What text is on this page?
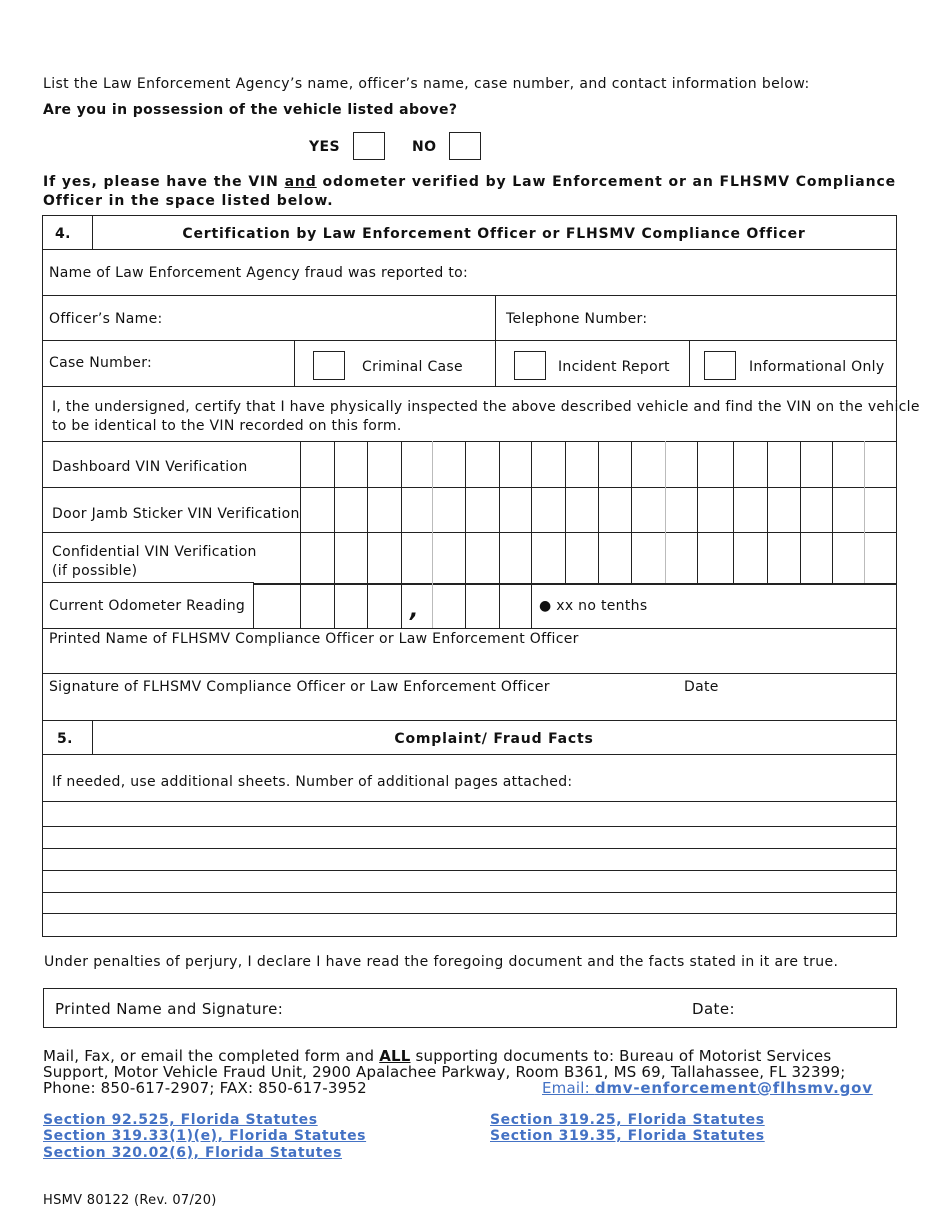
List the Law Enforcement Agency’s name, officer’s name, case number, and contact information below:
Are you in possession of the vehicle listed above?
YES	NO
If yes, please have the VIN and odometer verified by Law Enforcement or an FLHSMV Compliance
Officer in the space listed below.
4.	Certification by Law Enforcement Officer or FLHSMV Compliance Officer
Name of Law Enforcement Agency fraud was reported to:
Officer’s Name:	Telephone Number:
Case Number:	Criminal Case	Incident Report	Informational Only
I, the undersigned, certify that I have physically inspected the above described vehicle and find the VIN on the vehicle
to be identical to the VIN recorded on this form.
Dashboard VIN Verification
Door Jamb Sticker VIN Verification
Confidential VIN Verification
(if possible)
Current Odometer Reading	,	● xx no tenths
Printed Name of FLHSMV Compliance Officer or Law Enforcement Officer
Signature of FLHSMV Compliance Officer or Law Enforcement Officer	Date
5.	Complaint/ Fraud Facts
If needed, use additional sheets. Number of additional pages attached:
Under penalties of perjury, I declare I have read the foregoing document and the facts stated in it are true.
Printed Name and Signature:	Date:
Mail, Fax, or email the completed form and ALL supporting documents to: Bureau of Motorist Services
Support, Motor Vehicle Fraud Unit, 2900 Apalachee Parkway, Room B361, MS 69, Tallahassee, FL 32399;
Phone: 850-617-2907; FAX: 850-617-3952	Email: dmv-enforcement@flhsmv.gov
Section 92.525, Florida Statutes
Section 319.33(1)(e), Florida Statutes
Section 320.02(6), Florida Statutes
Section 319.25, Florida Statutes
Section 319.35, Florida Statutes
HSMV 80122 (Rev. 07/20)
